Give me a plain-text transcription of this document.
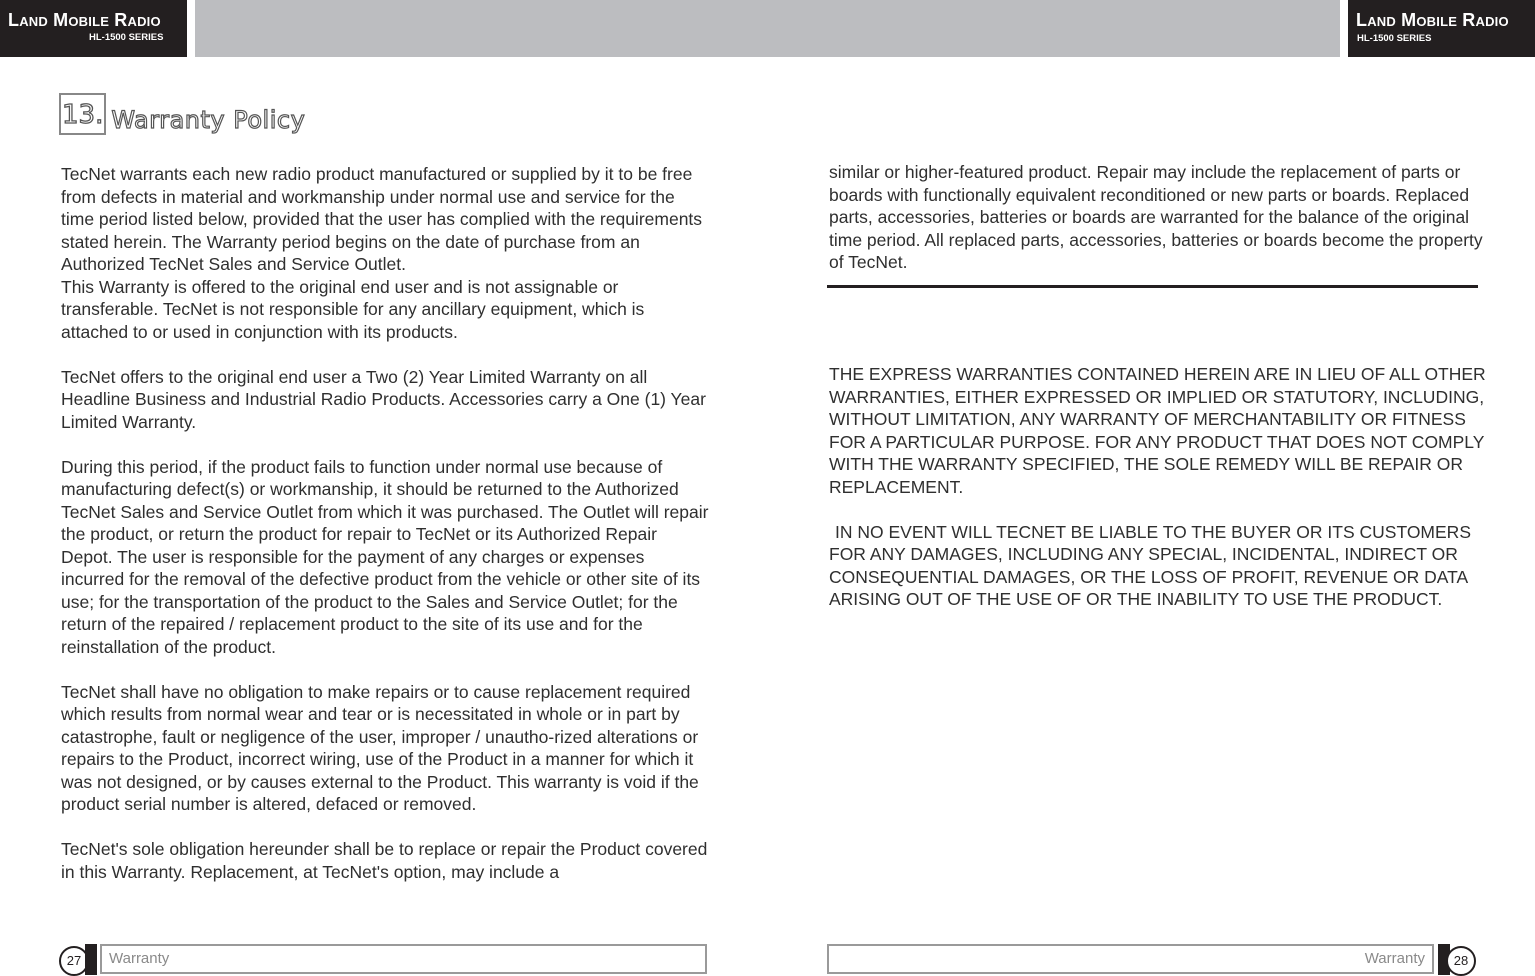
Land Mobile Radio
HL-1500 SERIES
Land Mobile Radio
HL-1500 SERIES
13. Warranty Policy

TecNet warrants each new radio product manufactured or supplied by it to be free from defects in material and workmanship under normal use and service for the time period listed below, provided that the user has complied with the requirements stated herein. The Warranty period begins on the date of purchase from an Authorized TecNet Sales and Service Outlet.

This Warranty is offered to the original end user and is not assignable or transferable. TecNet is not responsible for any ancillary equipment, which is attached to or used in conjunction with its products.

TecNet offers to the original end user a Two (2) Year Limited Warranty on all Headline Business and Industrial Radio Products. Accessories carry a One (1) Year Limited Warranty.

During this period, if the product fails to function under normal use because of manufacturing defect(s) or workmanship, it should be returned to the Authorized TecNet Sales and Service Outlet from which it was purchased. The Outlet will repair the product, or return the product for repair to TecNet or its Authorized Repair Depot. The user is responsible for the payment of any charges or expenses incurred for the removal of the defective product from the vehicle or other site of its use; for the transportation of the product to the Sales and Service Outlet; for the return of the repaired / replacement product to the site of its use and for the reinstallation of the product.

TecNet shall have no obligation to make repairs or to cause replacement required which results from normal wear and tear or is necessitated in whole or in part by catastrophe, fault or negligence of the user, improper / unautho-rized alterations or repairs to the Product, incorrect wiring, use of the Product in a manner for which it was not designed, or by causes external to the Product. This warranty is void if the product serial number is altered, defaced or removed.

TecNet's sole obligation hereunder shall be to replace or repair the Product covered in this Warranty. Replacement, at TecNet's option, may include a

similar or higher-featured product. Repair may include the replacement of parts or boards with functionally equivalent reconditioned or new parts or boards. Replaced parts, accessories, batteries or boards are warranted for the balance of the original time period. All replaced parts, accessories, batteries or boards become the property of TecNet.

THE EXPRESS WARRANTIES CONTAINED HEREIN ARE IN LIEU OF ALL OTHER WARRANTIES, EITHER EXPRESSED OR IMPLIED OR STATUTORY, INCLUDING, WITHOUT LIMITATION, ANY WARRANTY OF MERCHANTABILITY OR FITNESS FOR A PARTICULAR PURPOSE. FOR ANY PRODUCT THAT DOES NOT COMPLY WITH THE WARRANTY SPECIFIED, THE SOLE REMEDY WILL BE REPAIR OR REPLACEMENT.

IN NO EVENT WILL TECNET BE LIABLE TO THE BUYER OR ITS CUSTOMERS FOR ANY DAMAGES, INCLUDING ANY SPECIAL, INCIDENTAL, INDIRECT OR CONSEQUENTIAL DAMAGES, OR THE LOSS OF PROFIT, REVENUE OR DATA ARISING OUT OF THE USE OF OR THE INABILITY TO USE THE PRODUCT.

27	Warranty	Warranty	28
